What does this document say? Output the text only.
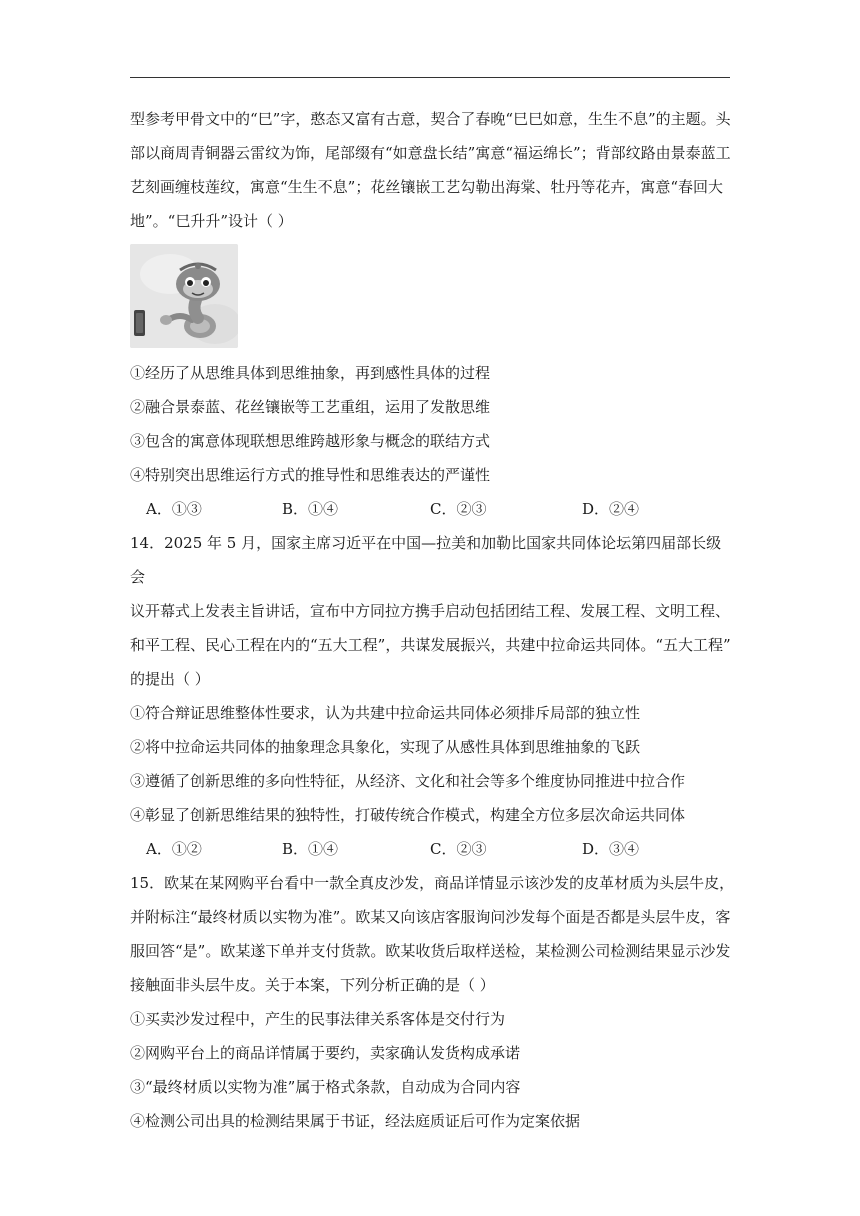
型参考甲骨文中的“巳”字，憨态又富有古意，契合了春晚“巳巳如意，生生不息”的主题。头

部以商周青铜器云雷纹为饰，尾部缀有“如意盘长结”寓意“福运绵长”；背部纹路由景泰蓝工

艺刻画缠枝莲纹，寓意“生生不息”；花丝镶嵌工艺勾勒出海棠、牡丹等花卉，寓意“春回大

地”。“巳升升”设计（ ）

①经历了从思维具体到思维抽象，再到感性具体的过程

②融合景泰蓝、花丝镶嵌等工艺重组，运用了发散思维

③包含的寓意体现联想思维跨越形象与概念的联结方式

④特别突出思维运行方式的推导性和思维表达的严谨性

A．①③	B．①④	C．②③	D．②④

14．2025 年 5 月，国家主席习近平在中国—拉美和加勒比国家共同体论坛第四届部长级会

议开幕式上发表主旨讲话，宣布中方同拉方携手启动包括团结工程、发展工程、文明工程、

和平工程、民心工程在内的“五大工程”，共谋发展振兴，共建中拉命运共同体。“五大工程”

的提出（ ）

①符合辩证思维整体性要求，认为共建中拉命运共同体必须排斥局部的独立性

②将中拉命运共同体的抽象理念具象化，实现了从感性具体到思维抽象的飞跃

③遵循了创新思维的多向性特征，从经济、文化和社会等多个维度协同推进中拉合作

④彰显了创新思维结果的独特性，打破传统合作模式，构建全方位多层次命运共同体

A．①②	B．①④	C．②③	D．③④

15．欧某在某网购平台看中一款全真皮沙发，商品详情显示该沙发的皮革材质为头层牛皮，

并附标注“最终材质以实物为准”。欧某又向该店客服询问沙发每个面是否都是头层牛皮，客

服回答“是”。欧某遂下单并支付货款。欧某收货后取样送检，某检测公司检测结果显示沙发

接触面非头层牛皮。关于本案，下列分析正确的是（ ）

①买卖沙发过程中，产生的民事法律关系客体是交付行为

②网购平台上的商品详情属于要约，卖家确认发货构成承诺

③“最终材质以实物为准”属于格式条款，自动成为合同内容

④检测公司出具的检测结果属于书证，经法庭质证后可作为定案依据
